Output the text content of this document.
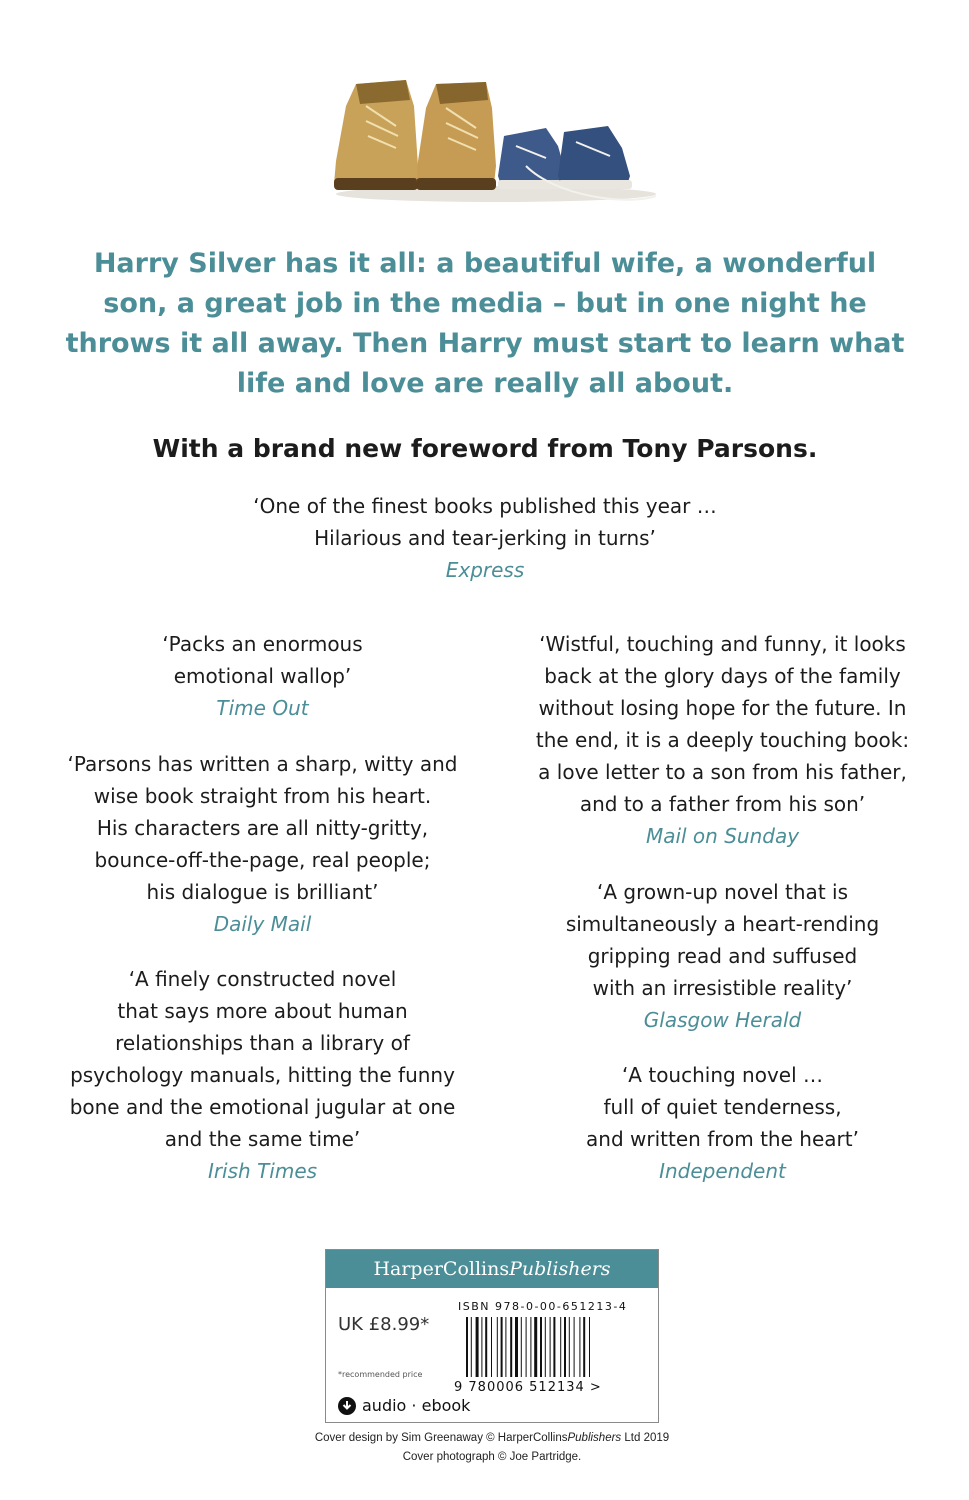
Harry Silver has it all: a beautiful wife, a wonderful son, a great job in the media – but in one night he throws it all away. Then Harry must start to learn what life and love are really all about.

With a brand new foreword from Tony Parsons.

‘One of the finest books published this year …
Hilarious and tear-jerking in turns’
Express
‘Packs an enormous
emotional wallop’
Time Out
‘Parsons has written a sharp, witty and
wise book straight from his heart.
His characters are all nitty-gritty,
bounce-off-the-page, real people;
his dialogue is brilliant’
Daily Mail
‘A finely constructed novel
that says more about human
relationships than a library of
psychology manuals, hitting the funny
bone and the emotional jugular at one
and the same time’
Irish Times
‘Wistful, touching and funny, it looks
back at the glory days of the family
without losing hope for the future. In
the end, it is a deeply touching book:
a love letter to a son from his father,
and to a father from his son’
Mail on Sunday
‘A grown-up novel that is
simultaneously a heart-rending
gripping read and suffused
with an irresistible reality’
Glasgow Herald
‘A touching novel …
full of quiet tenderness,
and written from the heart’
Independent
HarperCollinsPublishers
UK £8.99*
*recommended price
ISBN 978-0-00-651213-4
9 780006 512134 >
audio · ebook

Cover design by Sim Greenaway © HarperCollinsPublishers Ltd 2019
Cover photograph © Joe Partridge.
